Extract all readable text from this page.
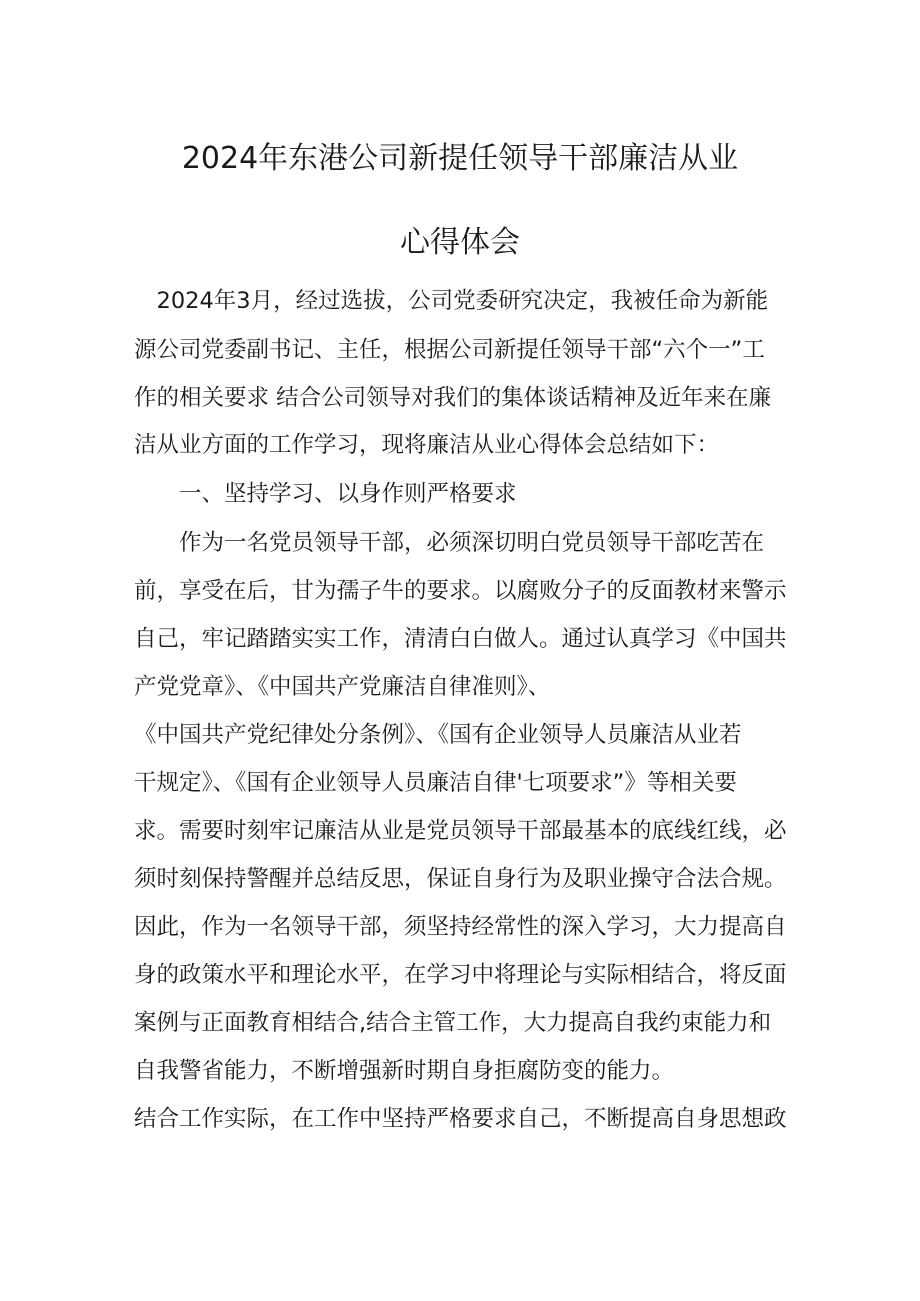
2024年东港公司新提任领导干部廉洁从业
心得体会

　2024年3月，经过选拔，公司党委研究决定，我被任命为新能

源公司党委副书记、主任，根据公司新提任领导干部“六个一”工

作的相关要求 结合公司领导对我们的集体谈话精神及近年来在廉

洁从业方面的工作学习，现将廉洁从业心得体会总结如下：

　　一、坚持学习、以身作则严格要求

　　作为一名党员领导干部，必须深切明白党员领导干部吃苦在

前，享受在后，甘为孺子牛的要求。以腐败分子的反面教材来警示

自己，牢记踏踏实实工作，清清白白做人。通过认真学习《中国共

产党党章》、《中国共产党廉洁自律准则》、

《中国共产党纪律处分条例》、《国有企业领导人员廉洁从业若

干规定》、《国有企业领导人员廉洁自律'七项要求”》等相关要

求。需要时刻牢记廉洁从业是党员领导干部最基本的底线红线，必

须时刻保持警醒并总结反思，保证自身行为及职业操守合法合规。

因此，作为一名领导干部，须坚持经常性的深入学习，大力提高自

身的政策水平和理论水平，在学习中将理论与实际相结合，将反面

案例与正面教育相结合,结合主管工作，大力提高自我约束能力和

自我警省能力，不断增强新时期自身拒腐防变的能力。

结合工作实际，在工作中坚持严格要求自己，不断提高自身思想政
